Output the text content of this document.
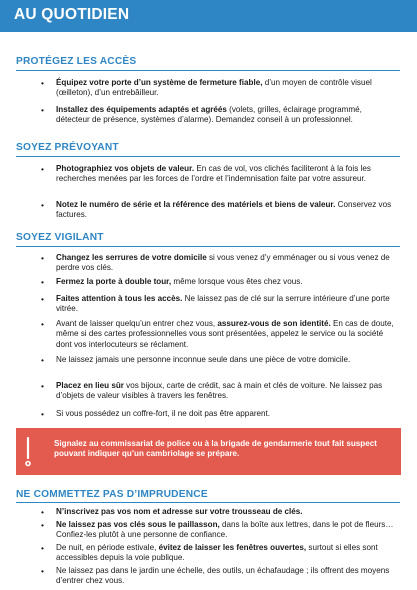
AU QUOTIDIEN
PROTÉGEZ LES ACCÈS
• Équipez votre porte d’un système de fermeture fiable, d’un moyen de contrôle visuel (œilleton), d’un entrebâilleur.
• Installez des équipements adaptés et agréés (volets, grilles, éclairage programmé, détecteur de présence, systèmes d’alarme). Demandez conseil à un professionnel.
SOYEZ PRÉVOYANT
• Photographiez vos objets de valeur. En cas de vol, vos clichés faciliteront à la fois les recherches menées par les forces de l’ordre et l’indemnisation faite par votre assureur.
• Notez le numéro de série et la référence des matériels et biens de valeur. Conservez vos factures.
SOYEZ VIGILANT
• Changez les serrures de votre domicile si vous venez d’y emménager ou si vous venez de perdre vos clés.
• Fermez la porte à double tour, même lorsque vous êtes chez vous.
• Faites attention à tous les accès. Ne laissez pas de clé sur la serrure intérieure d’une porte vitrée.
• Avant de laisser quelqu’un entrer chez vous, assurez-vous de son identité. En cas de doute, même si des cartes professionnelles vous sont présentées, appelez le service ou la société dont vos interlocuteurs se réclament.
• Ne laissez jamais une personne inconnue seule dans une pièce de votre domicile.
• Placez en lieu sûr vos bijoux, carte de crédit, sac à main et clés de voiture. Ne laissez pas d’objets de valeur visibles à travers les fenêtres.
• Si vous possédez un coffre-fort, il ne doit pas être apparent.
Signalez au commissariat de police ou à la brigade de gendarmerie tout fait suspect pouvant indiquer qu’un cambriolage se prépare.
NE COMMETTEZ PAS D’IMPRUDENCE
• N’inscrivez pas vos nom et adresse sur votre trousseau de clés.
• Ne laissez pas vos clés sous le paillasson, dans la boîte aux lettres, dans le pot de fleurs… Confiez-les plutôt à une personne de confiance.
• De nuit, en période estivale, évitez de laisser les fenêtres ouvertes, surtout si elles sont accessibles depuis la voie publique.
• Ne laissez pas dans le jardin une échelle, des outils, un échafaudage ; ils offrent des moyens d’entrer chez vous.
